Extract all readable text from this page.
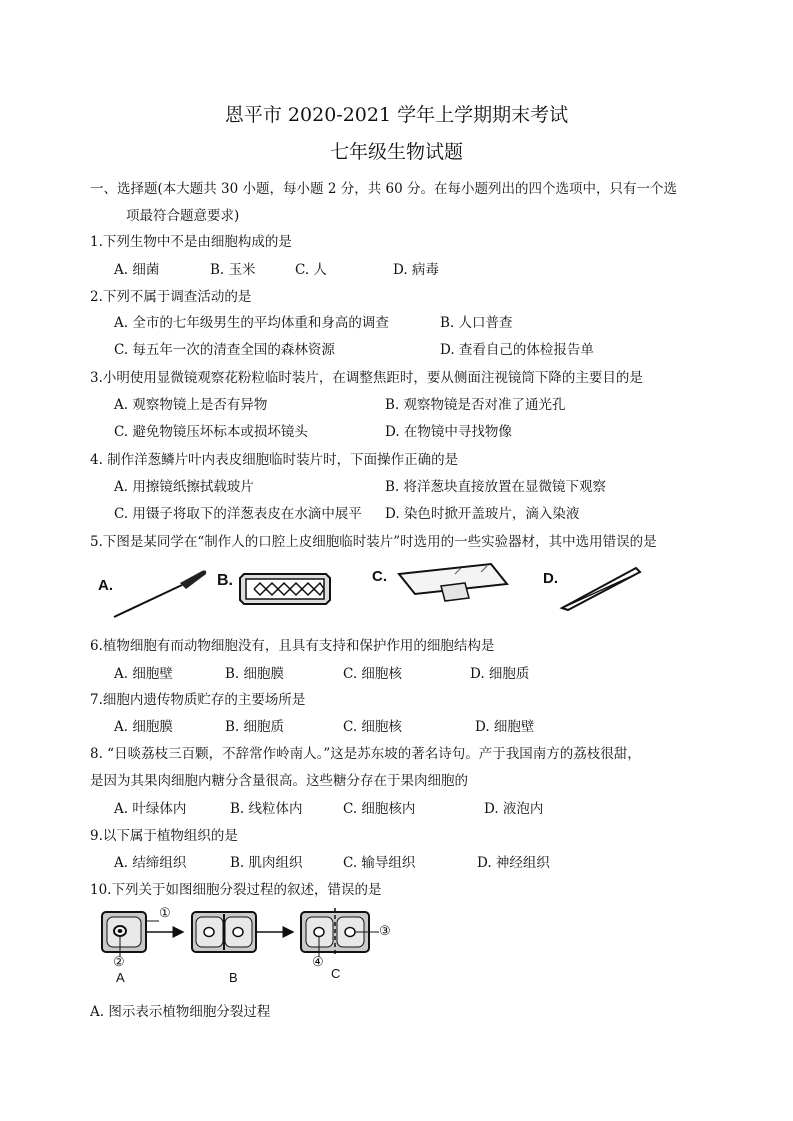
恩平市 2020-2021 学年上学期期末考试
七年级生物试题
一、选择题(本大题共 30 小题，每小题 2 分，共 60 分。在每小题列出的四个选项中，只有一个选
项最符合题意要求)
1.下列生物中不是由细胞构成的是
A. 细菌	B. 玉米	C. 人	D. 病毒
2.下列不属于调查活动的是
A. 全市的七年级男生的平均体重和身高的调查	B. 人口普查
C. 每五年一次的清查全国的森林资源	D. 查看自己的体检报告单
3.小明使用显微镜观察花粉粒临时装片，在调整焦距时，要从侧面注视镜筒下降的主要目的是
A. 观察物镜上是否有异物	B. 观察物镜是否对准了通光孔
C. 避免物镜压坏标本或损坏镜头	D. 在物镜中寻找物像
4. 制作洋葱鳞片叶内表皮细胞临时装片时，下面操作正确的是
A. 用擦镜纸擦拭载玻片	B. 将洋葱块直接放置在显微镜下观察
C. 用镊子将取下的洋葱表皮在水滴中展平 D. 染色时掀开盖玻片，滴入染液
5.下图是某同学在“制作人的口腔上皮细胞临时装片”时选用的一些实验器材，其中选用错误的是
A.	B.	C.	D.
6.植物细胞有而动物细胞没有，且具有支持和保护作用的细胞结构是
A. 细胞壁	B. 细胞膜	C. 细胞核	D. 细胞质
7.细胞内遗传物质贮存的主要场所是
A. 细胞膜	B. 细胞质	C. 细胞核	D. 细胞壁
8. “日啖荔枝三百颗，不辞常作岭南人。”这是苏东坡的著名诗句。产于我国南方的荔枝很甜，
是因为其果肉细胞内糖分含量很高。这些糖分存在于果肉细胞的
A. 叶绿体内	B. 线粒体内	C. 细胞核内	D. 液泡内
9.以下属于植物组织的是
A. 结缔组织	B. 肌肉组织	C. 输导组织	D. 神经组织
10.下列关于如图细胞分裂过程的叙述，错误的是
①
②
③
④
A	B	C
A. 图示表示植物细胞分裂过程
